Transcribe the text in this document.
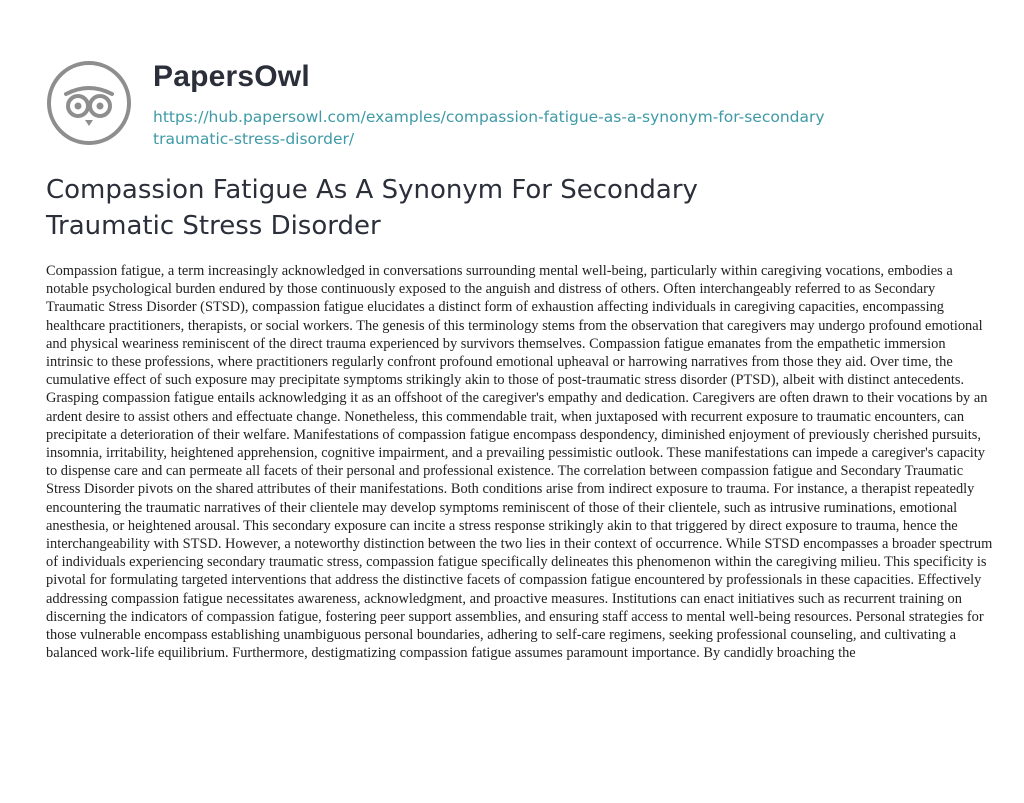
PapersOwl
https://hub.papersowl.com/examples/compassion-fatigue-as-a-synonym-for-secondary
traumatic-stress-disorder/
Compassion Fatigue As A Synonym For Secondary
Traumatic Stress Disorder

Compassion fatigue, a term increasingly acknowledged in conversations surrounding mental well-being, particularly within caregiving vocations, embodies a notable psychological burden endured by those continuously exposed to the anguish and distress of others. Often interchangeably referred to as Secondary Traumatic Stress Disorder (STSD), compassion fatigue elucidates a distinct form of exhaustion affecting individuals in caregiving capacities, encompassing healthcare practitioners, therapists, or social workers. The genesis of this terminology stems from the observation that caregivers may undergo profound emotional and physical weariness reminiscent of the direct trauma experienced by survivors themselves. Compassion fatigue emanates from the empathetic immersion intrinsic to these professions, where practitioners regularly confront profound emotional upheaval or harrowing narratives from those they aid. Over time, the cumulative effect of such exposure may precipitate symptoms strikingly akin to those of post-traumatic stress disorder (PTSD), albeit with distinct antecedents. Grasping compassion fatigue entails acknowledging it as an offshoot of the caregiver's empathy and dedication. Caregivers are often drawn to their vocations by an ardent desire to assist others and effectuate change. Nonetheless, this commendable trait, when juxtaposed with recurrent exposure to traumatic encounters, can precipitate a deterioration of their welfare. Manifestations of compassion fatigue encompass despondency, diminished enjoyment of previously cherished pursuits, insomnia, irritability, heightened apprehension, cognitive impairment, and a prevailing pessimistic outlook. These manifestations can impede a caregiver's capacity to dispense care and can permeate all facets of their personal and professional existence. The correlation between compassion fatigue and Secondary Traumatic Stress Disorder pivots on the shared attributes of their manifestations. Both conditions arise from indirect exposure to trauma. For instance, a therapist repeatedly encountering the traumatic narratives of their clientele may develop symptoms reminiscent of those of their clientele, such as intrusive ruminations, emotional anesthesia, or heightened arousal. This secondary exposure can incite a stress response strikingly akin to that triggered by direct exposure to trauma, hence the interchangeability with STSD. However, a noteworthy distinction between the two lies in their context of occurrence. While STSD encompasses a broader spectrum of individuals experiencing secondary traumatic stress, compassion fatigue specifically delineates this phenomenon within the caregiving milieu. This specificity is pivotal for formulating targeted interventions that address the distinctive facets of compassion fatigue encountered by professionals in these capacities. Effectively addressing compassion fatigue necessitates awareness, acknowledgment, and proactive measures. Institutions can enact initiatives such as recurrent training on discerning the indicators of compassion fatigue, fostering peer support assemblies, and ensuring staff access to mental well-being resources. Personal strategies for those vulnerable encompass establishing unambiguous personal boundaries, adhering to self-care regimens, seeking professional counseling, and cultivating a balanced work-life equilibrium. Furthermore, destigmatizing compassion fatigue assumes paramount importance. By candidly broaching the
